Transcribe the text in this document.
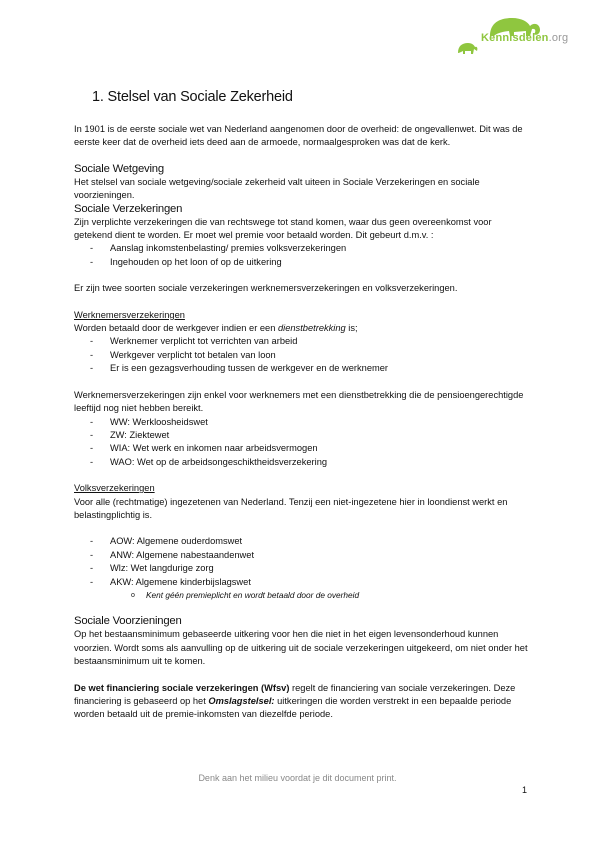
Kennisdelen.org
1. Stelsel van Sociale Zekerheid

In 1901 is de eerste sociale wet van Nederland aangenomen door de overheid: de ongevallenwet. Dit was de eerste keer dat de overheid iets deed aan de armoede, normaalgesproken was dat de kerk.

Sociale Wetgeving

Het stelsel van sociale wetgeving/sociale zekerheid valt uiteen in Sociale Verzekeringen en sociale voorzieningen.

Sociale Verzekeringen

Zijn verplichte verzekeringen die van rechtswege tot stand komen, waar dus geen overeenkomst voor getekend dient te worden. Er moet wel premie voor betaald worden. Dit gebeurt d.m.v. :

- Aanslag inkomstenbelasting/ premies volksverzekeringen
- Ingehouden op het loon of op de uitkering

Er zijn twee soorten sociale verzekeringen werknemersverzekeringen en volksverzekeringen.

Werknemersverzekeringen

Worden betaald door de werkgever indien er een dienstbetrekking is;

- Werknemer verplicht tot verrichten van arbeid
- Werkgever verplicht tot betalen van loon
- Er is een gezagsverhouding tussen de werkgever en de werknemer

Werknemersverzekeringen zijn enkel voor werknemers met een dienstbetrekking die de pensioengerechtigde leeftijd nog niet hebben bereikt.

- WW: Werkloosheidswet
- ZW: Ziektewet
- WIA: Wet werk en inkomen naar arbeidsvermogen
- WAO: Wet op de arbeidsongeschiktheidsverzekering

Volksverzekeringen

Voor alle (rechtmatige) ingezetenen van Nederland. Tenzij een niet-ingezetene hier in loondienst werkt en belastingplichtig is.

- AOW: Algemene ouderdomswet
- ANW: Algemene nabestaandenwet
- Wlz: Wet langdurige zorg
- AKW: Algemene kinderbijslagswet
o Kent géén premieplicht en wordt betaald door de overheid
Sociale Voorzieningen

Op het bestaansminimum gebaseerde uitkering voor hen die niet in het eigen levensonderhoud kunnen voorzien. Wordt soms als aanvulling op de uitkering uit de sociale verzekeringen uitgekeerd, om niet onder het bestaansminimum uit te komen.

De wet financiering sociale verzekeringen (Wfsv) regelt de financiering van sociale verzekeringen. Deze financiering is gebaseerd op het Omslagstelsel: uitkeringen die worden verstrekt in een bepaalde periode worden betaald uit de premie-inkomsten van diezelfde periode.

Denk aan het milieu voordat je dit document print.
1
